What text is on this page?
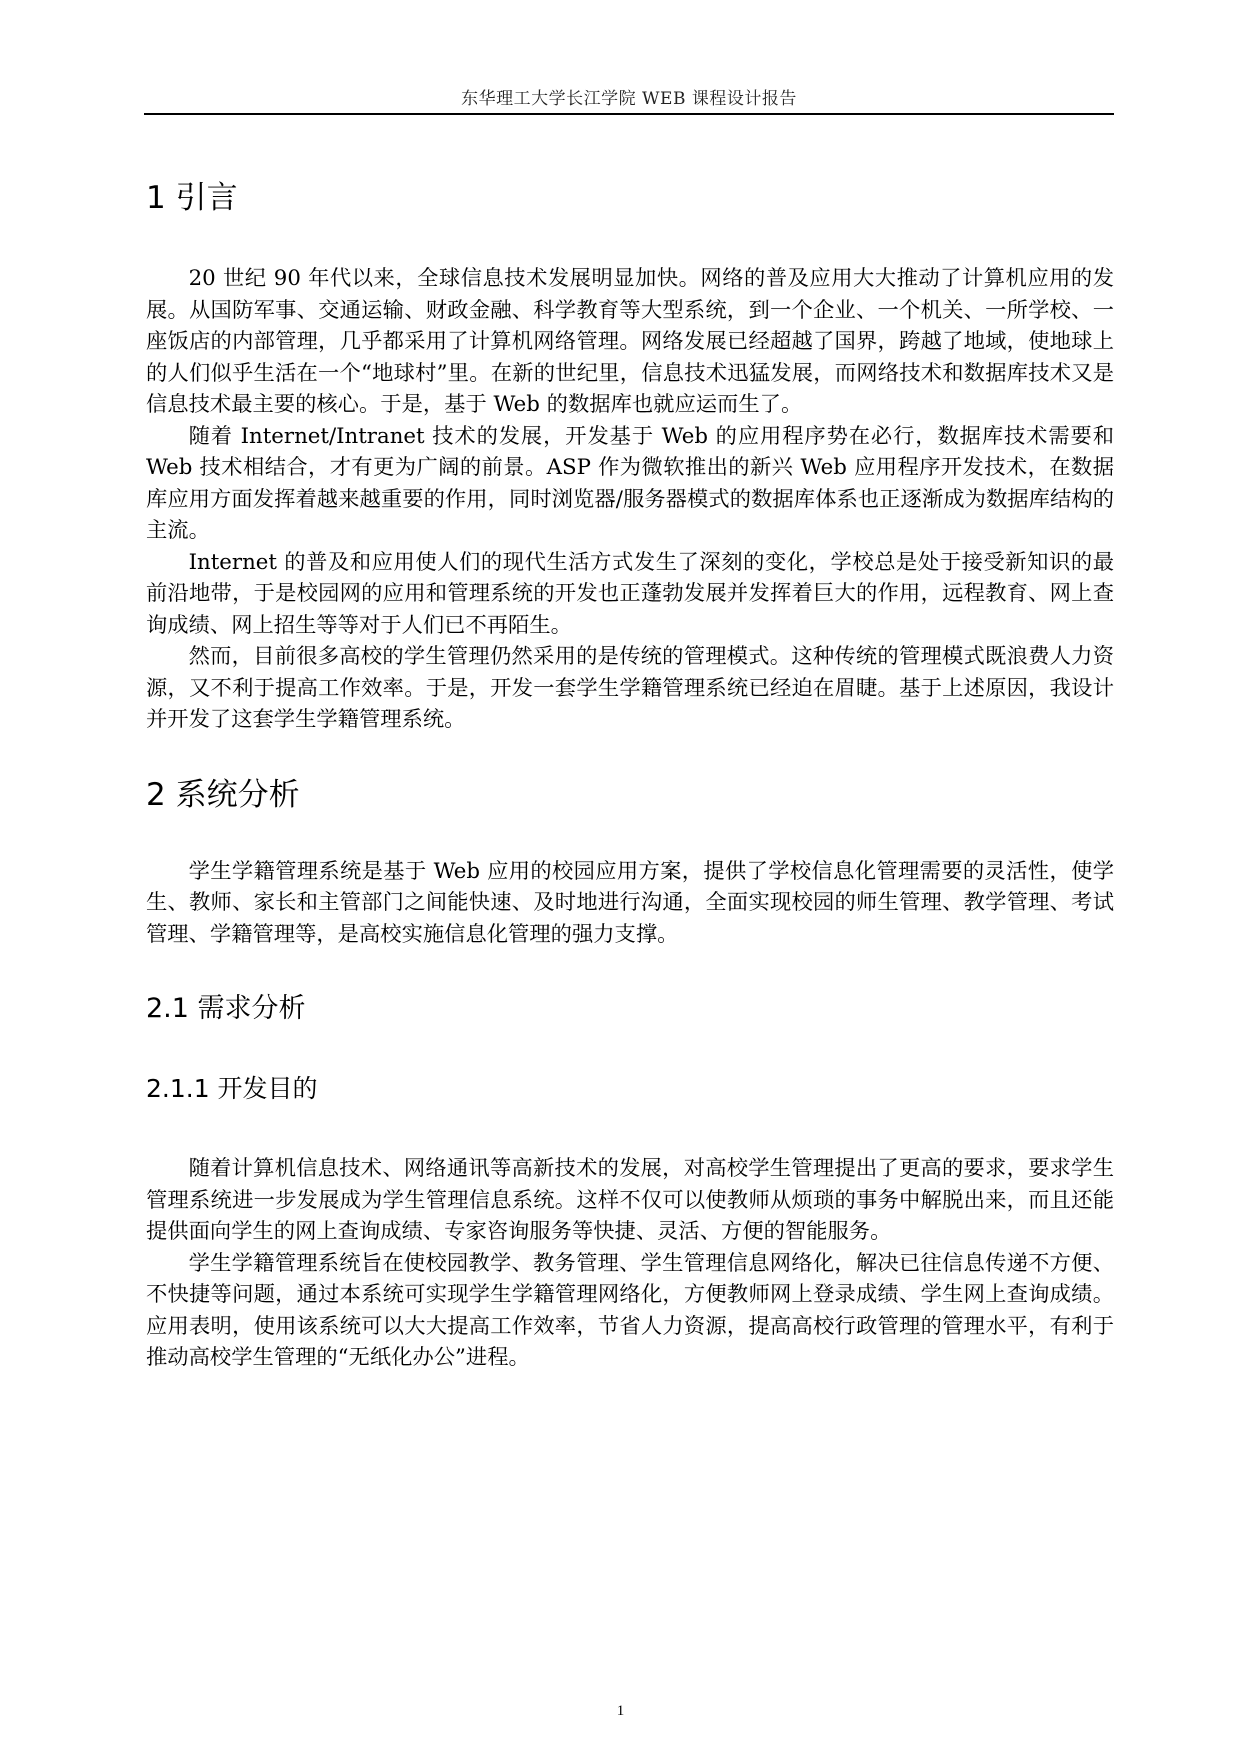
东华理工大学长江学院 WEB 课程设计报告
1 引言

20 世纪 90 年代以来，全球信息技术发展明显加快。网络的普及应用大大推动了计算机应用的发展。从国防军事、交通运输、财政金融、科学教育等大型系统，到一个企业、一个机关、一所学校、一座饭店的内部管理，几乎都采用了计算机网络管理。网络发展已经超越了国界，跨越了地域，使地球上的人们似乎生活在一个“地球村”里。在新的世纪里，信息技术迅猛发展，而网络技术和数据库技术又是信息技术最主要的核心。于是，基于 Web 的数据库也就应运而生了。

随着 Internet/Intranet 技术的发展，开发基于 Web 的应用程序势在必行，数据库技术需要和 Web 技术相结合，才有更为广阔的前景。ASP 作为微软推出的新兴 Web 应用程序开发技术，在数据库应用方面发挥着越来越重要的作用，同时浏览器/服务器模式的数据库体系也正逐渐成为数据库结构的主流。

Internet 的普及和应用使人们的现代生活方式发生了深刻的变化，学校总是处于接受新知识的最前沿地带，于是校园网的应用和管理系统的开发也正蓬勃发展并发挥着巨大的作用，远程教育、网上查询成绩、网上招生等等对于人们已不再陌生。

然而，目前很多高校的学生管理仍然采用的是传统的管理模式。这种传统的管理模式既浪费人力资源，又不利于提高工作效率。于是，开发一套学生学籍管理系统已经迫在眉睫。基于上述原因，我设计并开发了这套学生学籍管理系统。

2 系统分析

学生学籍管理系统是基于 Web 应用的校园应用方案，提供了学校信息化管理需要的灵活性，使学生、教师、家长和主管部门之间能快速、及时地进行沟通，全面实现校园的师生管理、教学管理、考试管理、学籍管理等，是高校实施信息化管理的强力支撑。

2.1 需求分析
2.1.1 开发目的

随着计算机信息技术、网络通讯等高新技术的发展，对高校学生管理提出了更高的要求，要求学生管理系统进一步发展成为学生管理信息系统。这样不仅可以使教师从烦琐的事务中解脱出来，而且还能提供面向学生的网上查询成绩、专家咨询服务等快捷、灵活、方便的智能服务。

学生学籍管理系统旨在使校园教学、教务管理、学生管理信息网络化，解决已往信息传递不方便、不快捷等问题，通过本系统可实现学生学籍管理网络化，方便教师网上登录成绩、学生网上查询成绩。应用表明，使用该系统可以大大提高工作效率，节省人力资源，提高高校行政管理的管理水平，有利于推动高校学生管理的“无纸化办公”进程。

1
